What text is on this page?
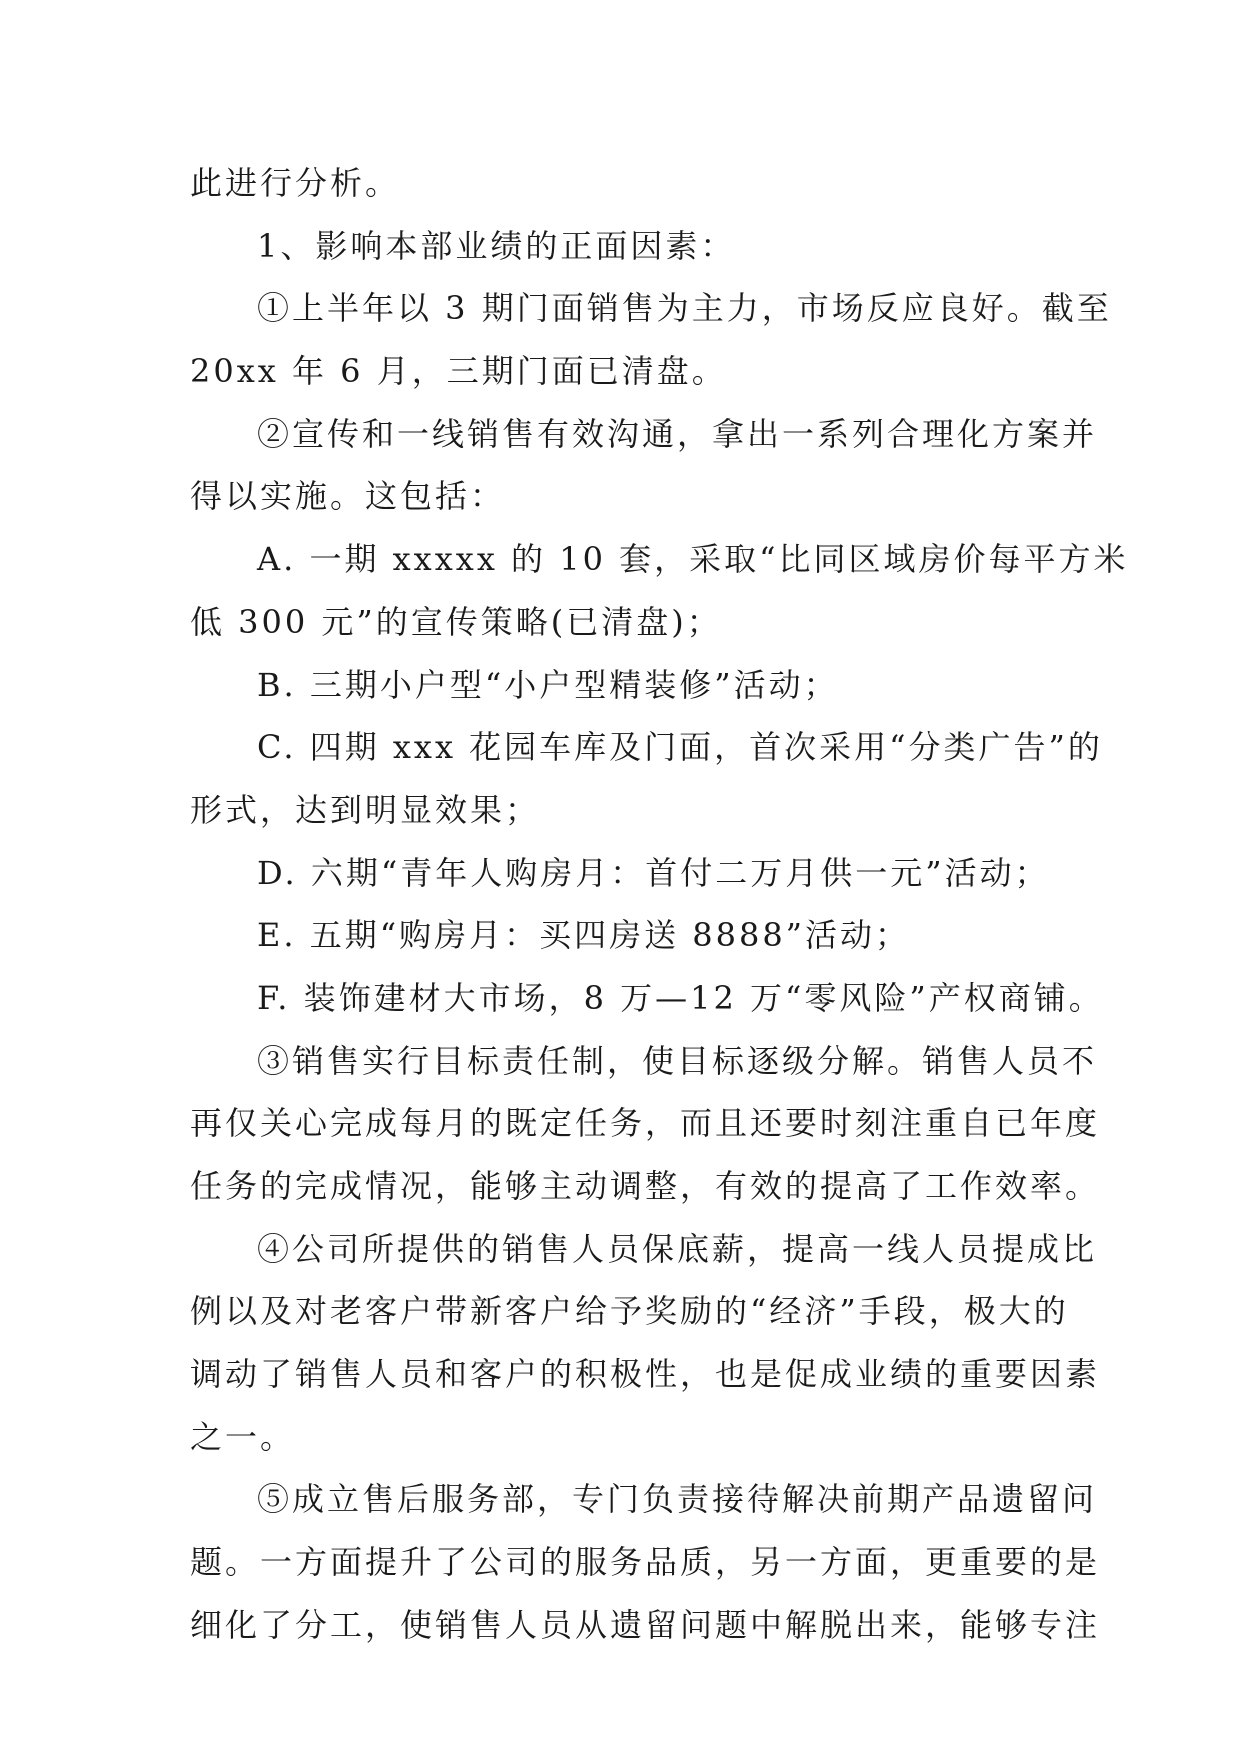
此进行分析。
1、影响本部业绩的正面因素：
①上半年以 3 期门面销售为主力，市场反应良好。截至
20xx 年 6 月，三期门面已清盘。
②宣传和一线销售有效沟通，拿出一系列合理化方案并
得以实施。这包括：
A. 一期 xxxxx 的 10 套，采取“比同区域房价每平方米
低 300 元”的宣传策略(已清盘)；
B. 三期小户型“小户型精装修”活动；
C. 四期 xxx 花园车库及门面，首次采用“分类广告”的
形式，达到明显效果；
D. 六期“青年人购房月：首付二万月供一元”活动；
E. 五期“购房月：买四房送 8888”活动；
F. 装饰建材大市场，8 万—12 万“零风险”产权商铺。
③销售实行目标责任制，使目标逐级分解。销售人员不
再仅关心完成每月的既定任务，而且还要时刻注重自已年度
任务的完成情况，能够主动调整，有效的提高了工作效率。
④公司所提供的销售人员保底薪，提高一线人员提成比
例以及对老客户带新客户给予奖励的“经济”手段，极大的
调动了销售人员和客户的积极性，也是促成业绩的重要因素
之一。
⑤成立售后服务部，专门负责接待解决前期产品遗留问
题。一方面提升了公司的服务品质，另一方面，更重要的是
细化了分工，使销售人员从遗留问题中解脱出来，能够专注
